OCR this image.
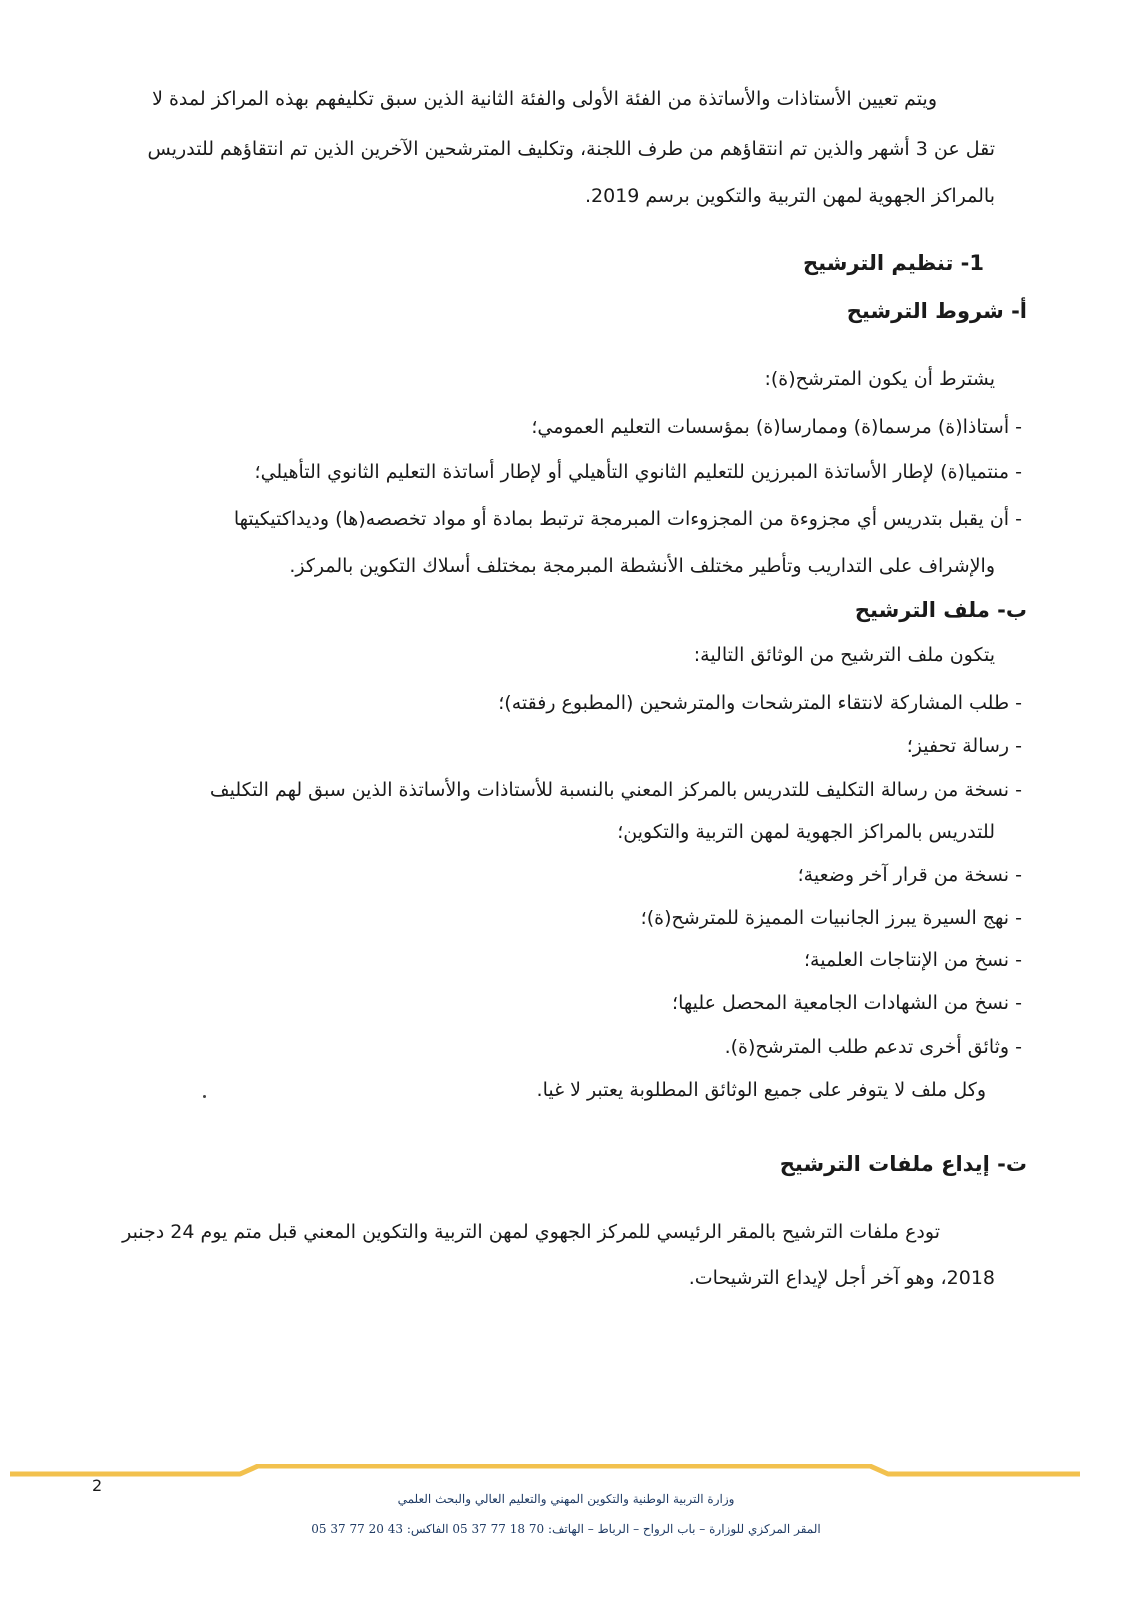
ويتم تعيين الأستاذات والأساتذة من الفئة الأولى والفئة الثانية الذين سبق تكليفهم بهذه المراكز لمدة لا
تقل عن 3 أشهر والذين تم انتقاؤهم من طرف اللجنة، وتكليف المترشحين الآخرين الذين تم انتقاؤهم للتدريس
بالمراكز الجهوية لمهن التربية والتكوين برسم 2019.
1- تنظيم الترشيح
أ- شروط الترشيح
يشترط أن يكون المترشح(ة):
- أستاذا(ة) مرسما(ة) وممارسا(ة) بمؤسسات التعليم العمومي؛
- منتميا(ة) لإطار الأساتذة المبرزين للتعليم الثانوي التأهيلي أو لإطار أساتذة التعليم الثانوي التأهيلي؛
- أن يقبل بتدريس أي مجزوءة من المجزوءات المبرمجة ترتبط بمادة أو مواد تخصصه(ها) وديداكتيكيتها
والإشراف على التداريب وتأطير مختلف الأنشطة المبرمجة بمختلف أسلاك التكوين بالمركز.
ب- ملف الترشيح
يتكون ملف الترشيح من الوثائق التالية:
- طلب المشاركة لانتقاء المترشحات والمترشحين (المطبوع رفقته)؛
- رسالة تحفيز؛
- نسخة من رسالة التكليف للتدريس بالمركز المعني بالنسبة للأستاذات والأساتذة الذين سبق لهم التكليف
للتدريس بالمراكز الجهوية لمهن التربية والتكوين؛
- نسخة من قرار آخر وضعية؛
- نهج السيرة يبرز الجانبيات المميزة للمترشح(ة)؛
- نسخ من الإنتاجات العلمية؛
- نسخ من الشهادات الجامعية المحصل عليها؛
- وثائق أخرى تدعم طلب المترشح(ة).
وكل ملف لا يتوفر على جميع الوثائق المطلوبة يعتبر لا غيا.
ت- إيداع ملفات الترشيح
تودع ملفات الترشيح بالمقر الرئيسي للمركز الجهوي لمهن التربية والتكوين المعني قبل متم يوم 24 دجنبر
2018، وهو آخر أجل لإيداع الترشيحات.
2
وزارة التربية الوطنية والتكوين المهني والتعليم العالي والبحث العلمي
المقر المركزي للوزارة – باب الرواح – الرباط – الهاتف: 70 18 77 37 05 الفاكس: 43 20 77 37 05
